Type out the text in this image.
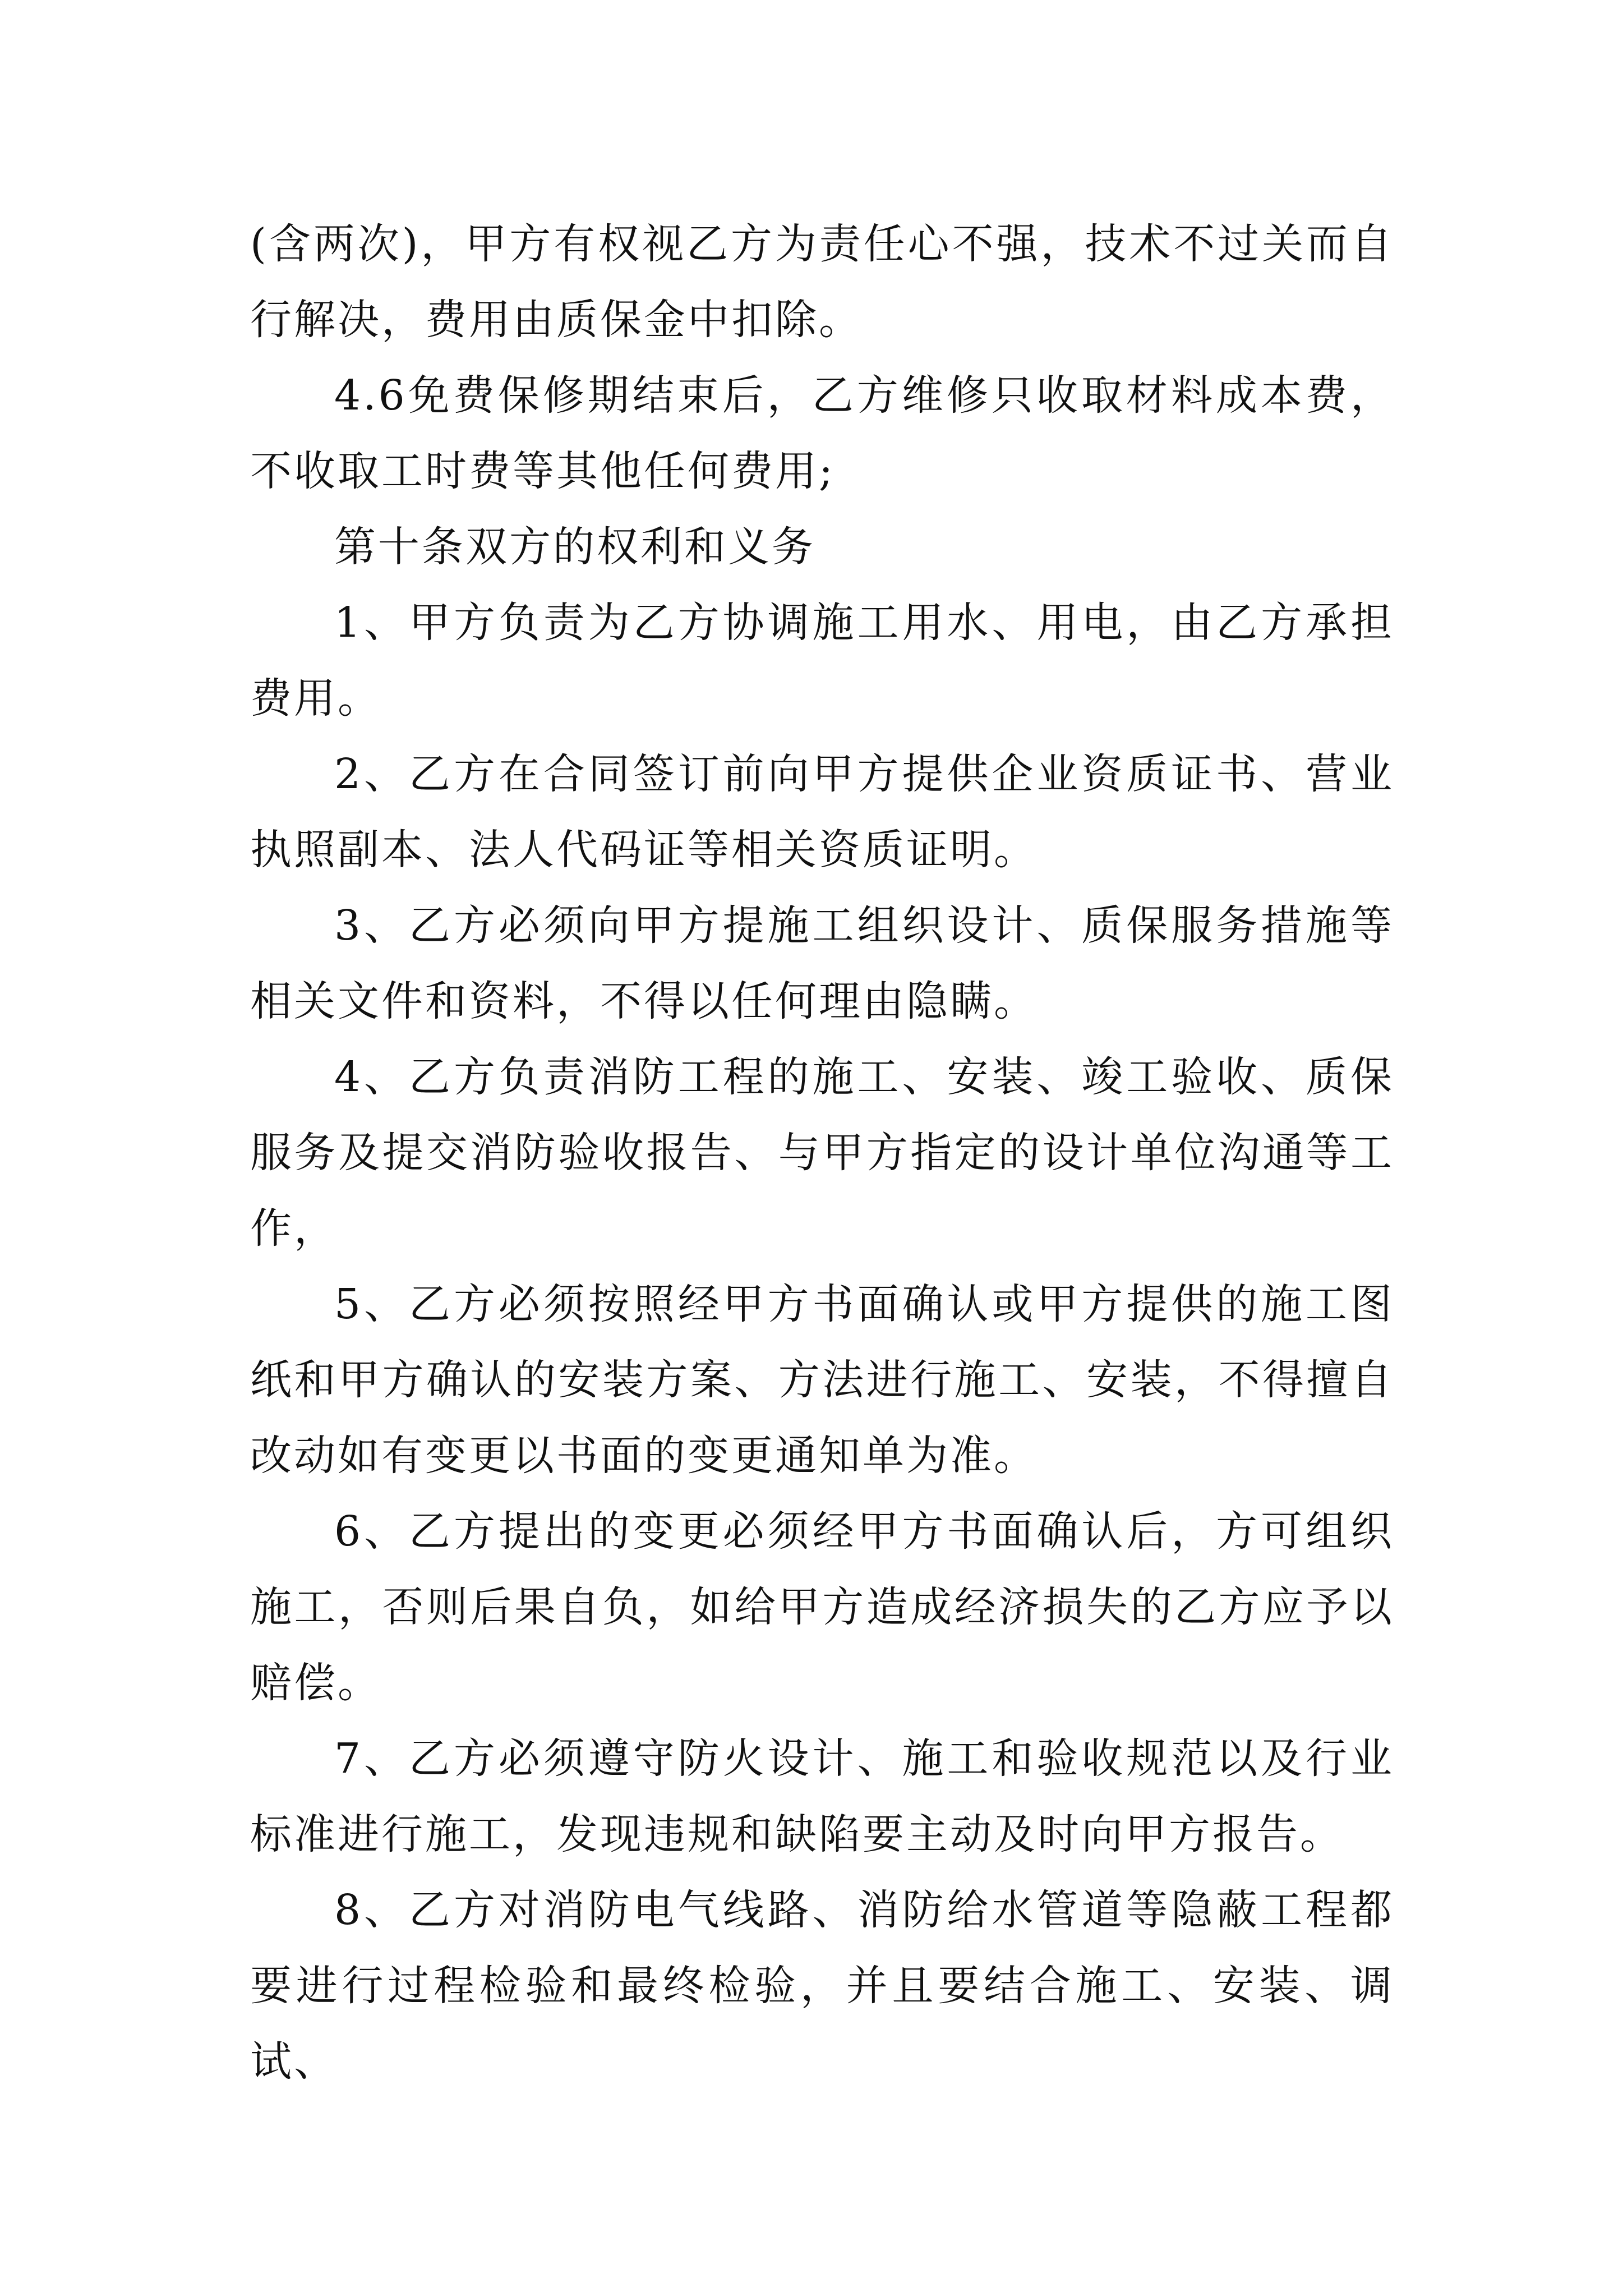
(含两次)，甲方有权视乙方为责任心不强，技术不过关而自行解决，费用由质保金中扣除。

4.6免费保修期结束后，乙方维修只收取材料成本费，不收取工时费等其他任何费用;

第十条双方的权利和义务

1、甲方负责为乙方协调施工用水、用电，由乙方承担费用。

2、乙方在合同签订前向甲方提供企业资质证书、营业执照副本、法人代码证等相关资质证明。

3、乙方必须向甲方提施工组织设计、质保服务措施等相关文件和资料，不得以任何理由隐瞒。

4、乙方负责消防工程的施工、安装、竣工验收、质保服务及提交消防验收报告、与甲方指定的设计单位沟通等工作，

5、乙方必须按照经甲方书面确认或甲方提供的施工图纸和甲方确认的安装方案、方法进行施工、安装，不得擅自改动如有变更以书面的变更通知单为准。

6、乙方提出的变更必须经甲方书面确认后，方可组织施工，否则后果自负，如给甲方造成经济损失的乙方应予以赔偿。

7、乙方必须遵守防火设计、施工和验收规范以及行业标准进行施工，发现违规和缺陷要主动及时向甲方报告。

8、乙方对消防电气线路、消防给水管道等隐蔽工程都要进行过程检验和最终检验，并且要结合施工、安装、调试、
